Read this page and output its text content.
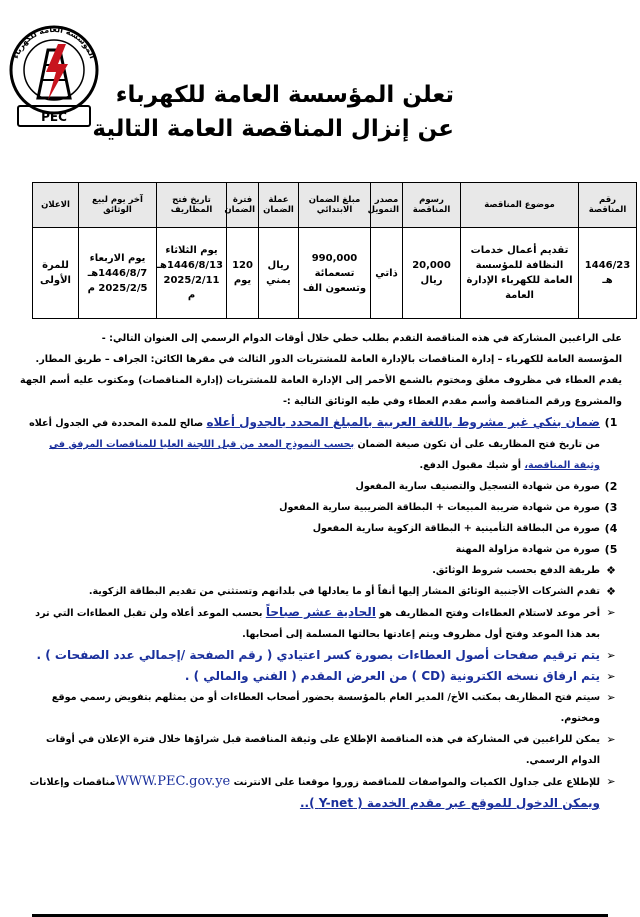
المؤسسة العامة للكهرباء
PEC

تعلن المؤسسة العامة للكهرباء

عن إنزال المناقصة العامة التالية

رقم المناقصة	موضوع المناقصة	رسوم المناقصة	مصدر التمويل	مبلغ الضمان الابتدائي	عملة الضمان	فترة الضمان	تاريخ فتح المظاريف	آخر يوم لبيع الوثائق	الاعلان
1446/23 هـ	تقديم أعمال خدمات النظافة للمؤسسة العامة للكهرباء الإدارة العامة	20,000 ريال	ذاتي	990,000 تسعمائة وتسعون الف	ريال يمني	120 يوم	يوم الثلاثاء 1446/8/13هـ 2025/2/11 م	يوم الاربعاء 1446/8/7هـ 2025/2/5 م	للمرة الأولى

على الراغبين المشاركة في هذه المناقصة التقدم بطلب خطي خلال أوقات الدوام الرسمي إلى العنوان التالي: -

المؤسسة العامة للكهرباء – إدارة المناقصات بالإدارة العامة للمشتريات الدور الثالث في مقرها الكائن: الجراف – طريق المطار.

يقدم العطاء في مظروف مغلق ومختوم بالشمع الأحمر إلى الإدارة العامة للمشتريات (إدارة المناقصات) ومكتوب عليه أسم الجهة والمشروع ورقم المناقصة وأسم مقدم العطاء وفي طيه الوثائق التالية :-

1)
ضمان بنكي غير مشروط باللغة العربية بالمبلغ المحدد بالجدول أعلاه صالح للمدة المحددة في الجدول أعلاه من تاريخ فتح المظاريف على أن تكون صيغة الضمان بحسب النموذج المعد من قبل اللجنة العليا للمناقصات المرفق في وثيقة المناقصة، أو شيك مقبول الدفع.
2)
صورة من شهادة التسجيل والتصنيف سارية المفعول
3)
صورة من شهادة ضريبة المبيعات + البطاقة الضريبية سارية المفعول
4)
صورة من البطاقة التأمينية + البطاقة الزكوية سارية المفعول
5)
صورة من شهادة مزاولة المهنة
❖
طريقة الدفع بحسب شروط الوثائق.
❖
تقدم الشركات الأجنبية الوثائق المشار إليها أنفاً أو ما يعادلها في بلدانهم وتستثني من تقديم البطاقة الزكوية.
➢
أخر موعد لاستلام العطاءات وفتح المظاريف هو الحادية عشر صباحاً بحسب الموعد أعلاه ولن تقبل العطاءات التي ترد بعد هذا الموعد وفتح أول مظروف ويتم إعادتها بحالتها المسلمة إلى أصحابها.
➢
يتم ترقيم صفحات أصول العطاءات بصورة كسر اعتيادي ( رقم الصفحة /إجمالي عدد الصفحات ) .
➢
يتم ارفاق نسخه الكترونية (CD ) من العرض المقدم ( الفني والمالي ) .
➢
سيتم فتح المظاريف بمكتب الأخ/ المدير العام بالمؤسسة بحضور أصحاب العطاءات أو من يمثلهم بتفويض رسمي موقع ومختوم.
➢
يمكن للراغبين في المشاركة في هذه المناقصة الإطلاع على وثيقة المناقصة قبل شراؤها خلال فترة الإعلان في أوقات الدوام الرسمي.
➢
للإطلاع على جداول الكميات والمواصفات للمناقصة زوروا موقعنا على الانترنت WWW.PEC.gov.yeمناقصات وإعلانات
ويمكن الدخول للموقع عبر مقدم الخدمة ( Y-net )..
